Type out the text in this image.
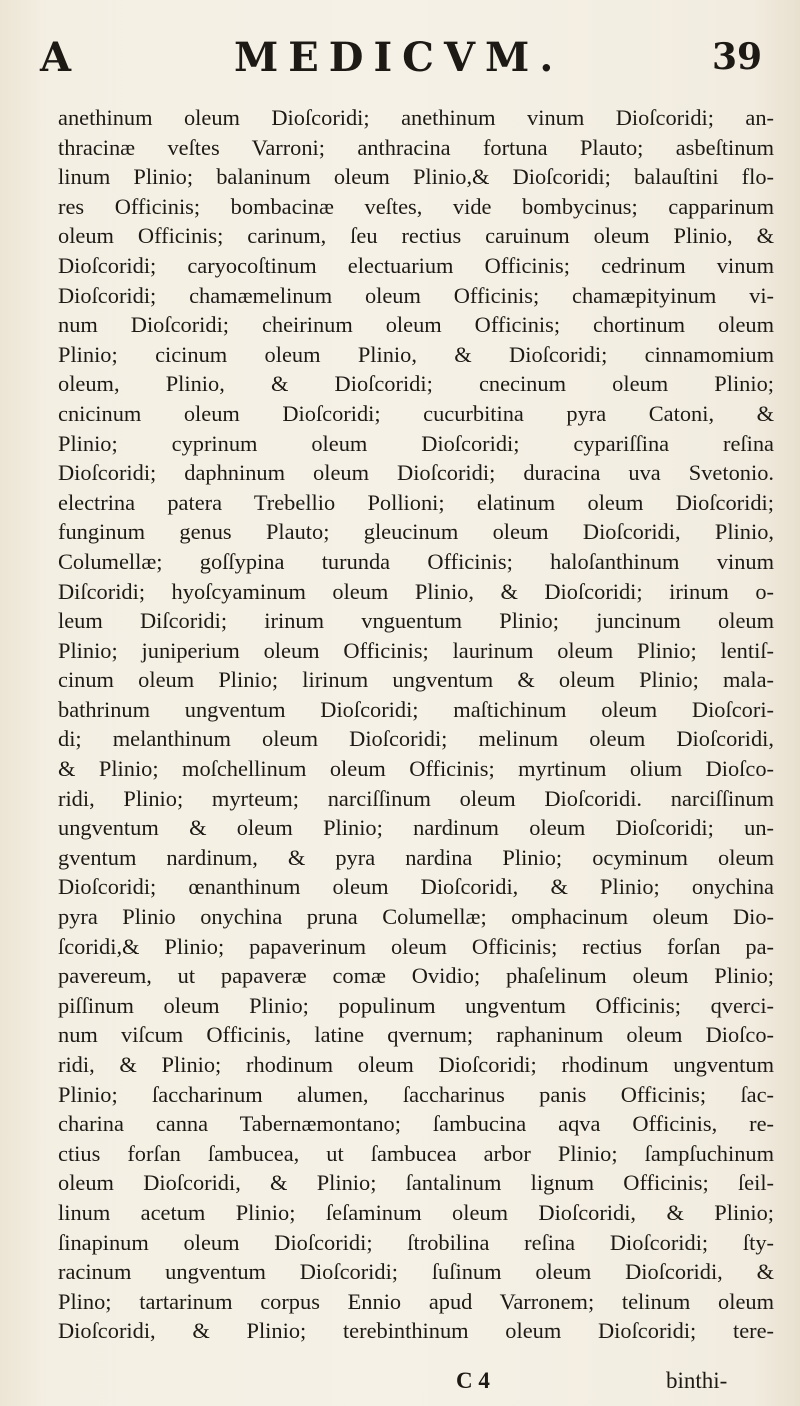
A	MEDICVM.	39
anethinum oleum Dioſcoridi; anethinum vinum Dioſcoridi; an-
thracinæ veſtes Varroni; anthracina fortuna Plauto; asbeſtinum
linum Plinio; balaninum oleum Plinio,& Dioſcoridi; balauſtini flo-
res Officinis; bombacinæ veſtes, vide bombycinus; capparinum
oleum Officinis; carinum, ſeu rectius caruinum oleum Plinio, &
Dioſcoridi; caryocoſtinum electuarium Officinis; cedrinum vinum
Dioſcoridi; chamæmelinum oleum Officinis; chamæpityinum vi-
num Dioſcoridi; cheirinum oleum Officinis; chortinum oleum
Plinio; cicinum oleum Plinio, & Dioſcoridi; cinnamomium
oleum, Plinio, & Dioſcoridi; cnecinum oleum Plinio;
cnicinum oleum Dioſcoridi; cucurbitina pyra Catoni, &
Plinio; cyprinum oleum Dioſcoridi; cypariſſina reſina
Dioſcoridi; daphninum oleum Dioſcoridi; duracina uva Svetonio.
electrina patera Trebellio Pollioni; elatinum oleum Dioſcoridi;
funginum genus Plauto; gleucinum oleum Dioſcoridi, Plinio,
Columellæ; goſſypina turunda Officinis; haloſanthinum vinum
Diſcoridi; hyoſcyaminum oleum Plinio, & Dioſcoridi; irinum o-
leum Diſcoridi; irinum vnguentum Plinio; juncinum oleum
Plinio; juniperium oleum Officinis; laurinum oleum Plinio; lentiſ-
cinum oleum Plinio; lirinum ungventum & oleum Plinio; mala-
bathrinum ungventum Dioſcoridi; maſtichinum oleum Dioſcori-
di; melanthinum oleum Dioſcoridi; melinum oleum Dioſcoridi,
& Plinio; moſchellinum oleum Officinis; myrtinum olium Dioſco-
ridi, Plinio; myrteum; narciſſinum oleum Dioſcoridi. narciſſinum
ungventum & oleum Plinio; nardinum oleum Dioſcoridi; un-
gventum nardinum, & pyra nardina Plinio; ocyminum oleum
Dioſcoridi; œnanthinum oleum Dioſcoridi, & Plinio; onychina
pyra Plinio onychina pruna Columellæ; omphacinum oleum Dio-
ſcoridi,& Plinio; papaverinum oleum Officinis; rectius forſan pa-
pavereum, ut papaveræ comæ Ovidio; phaſelinum oleum Plinio;
piſſinum oleum Plinio; populinum ungventum Officinis; qverci-
num viſcum Officinis, latine qvernum; raphaninum oleum Dioſco-
ridi, & Plinio; rhodinum oleum Dioſcoridi; rhodinum ungventum
Plinio; ſaccharinum alumen, ſaccharinus panis Officinis; ſac-
charina canna Tabernæmontano; ſambucina aqva Officinis, re-
ctius forſan ſambucea, ut ſambucea arbor Plinio; ſampſuchinum
oleum Dioſcoridi, & Plinio; ſantalinum lignum Officinis; ſeil-
linum acetum Plinio; ſeſaminum oleum Dioſcoridi, & Plinio;
ſinapinum oleum Dioſcoridi; ſtrobilina reſina Dioſcoridi; ſty-
racinum ungventum Dioſcoridi; ſuſinum oleum Dioſcoridi, &
Plino; tartarinum corpus Ennio apud Varronem; telinum oleum
Dioſcoridi, & Plinio; terebinthinum oleum Dioſcoridi; tere-
C 4	binthi-
